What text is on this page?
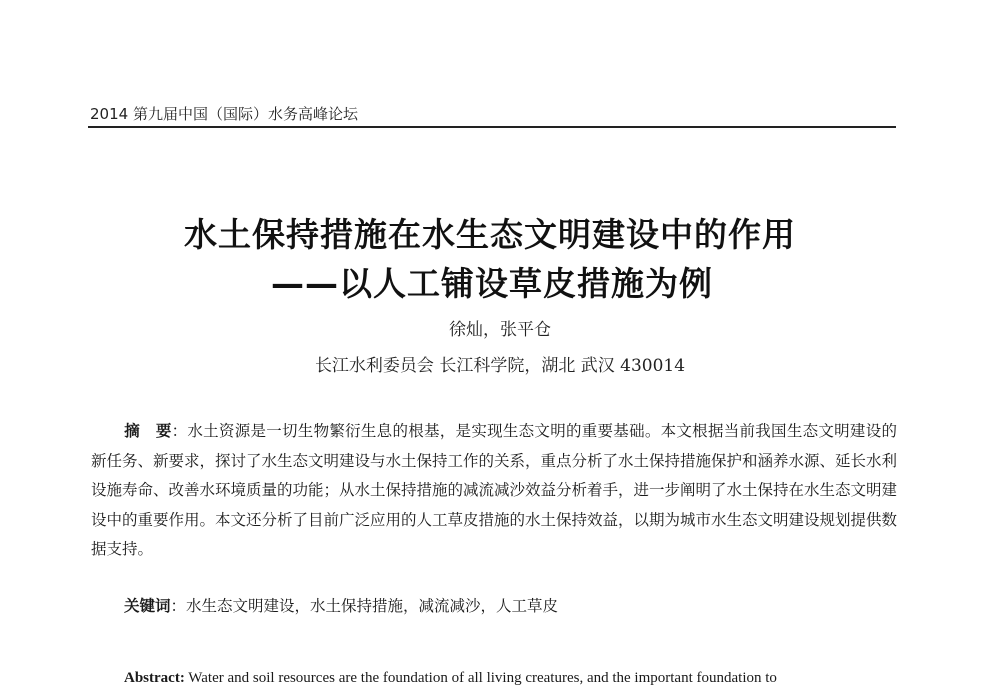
2014 第九届中国（国际）水务高峰论坛
水土保持措施在水生态文明建设中的作用
——以人工铺设草皮措施为例
徐灿，张平仓
长江水利委员会 长江科学院，湖北 武汉 430014
摘　要：水土资源是一切生物繁衍生息的根基，是实现生态文明的重要基础。本文根据当前我国生态文明建设的新任务、新要求，探讨了水生态文明建设与水土保持工作的关系，重点分析了水土保持措施保护和涵养水源、延长水利设施寿命、改善水环境质量的功能；从水土保持措施的减流减沙效益分析着手，进一步阐明了水土保持在水生态文明建设中的重要作用。本文还分析了目前广泛应用的人工草皮措施的水土保持效益，以期为城市水生态文明建设规划提供数据支持。
关键词：水生态文明建设，水土保持措施，减流减沙，人工草皮
Abstract: Water and soil resources are the foundation of all living creatures, and the important foundation to
